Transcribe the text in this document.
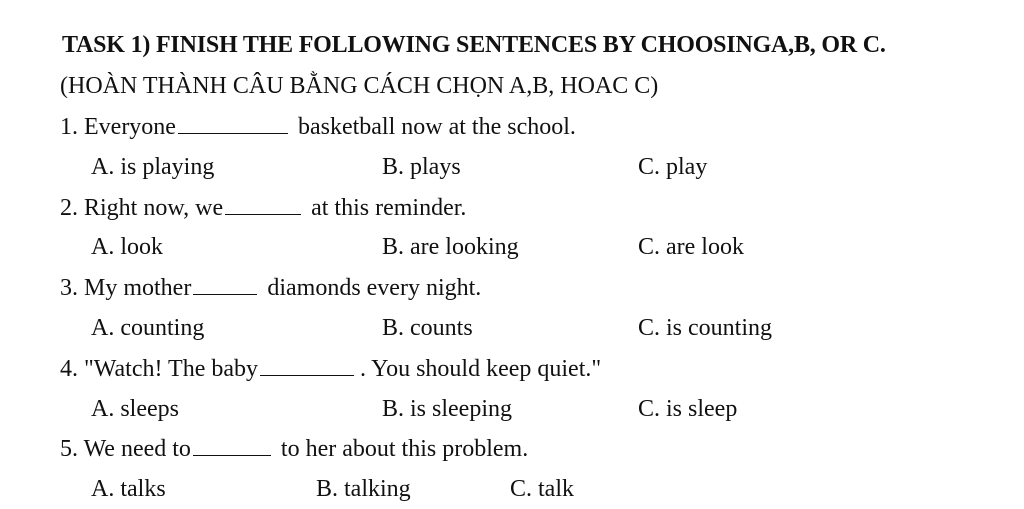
TASK 1) FINISH THE FOLLOWING SENTENCES BY CHOOSINGA,B, OR C.
(HOÀN THÀNH CÂU BẰNG CÁCH CHỌN A,B, HOAC C)
1. Everyone	basketball now at the school.
A. is playing	B. plays	C. play
2. Right now, we	at this reminder.
A. look	B. are looking	C. are look
3. My mother	diamonds every night.
A. counting	B. counts	C. is counting
4. "Watch! The baby	. You should keep quiet."
A. sleeps	B. is sleeping	C. is sleep
5. We need to	to her about this problem.
A. talks	B. talking	C. talk
